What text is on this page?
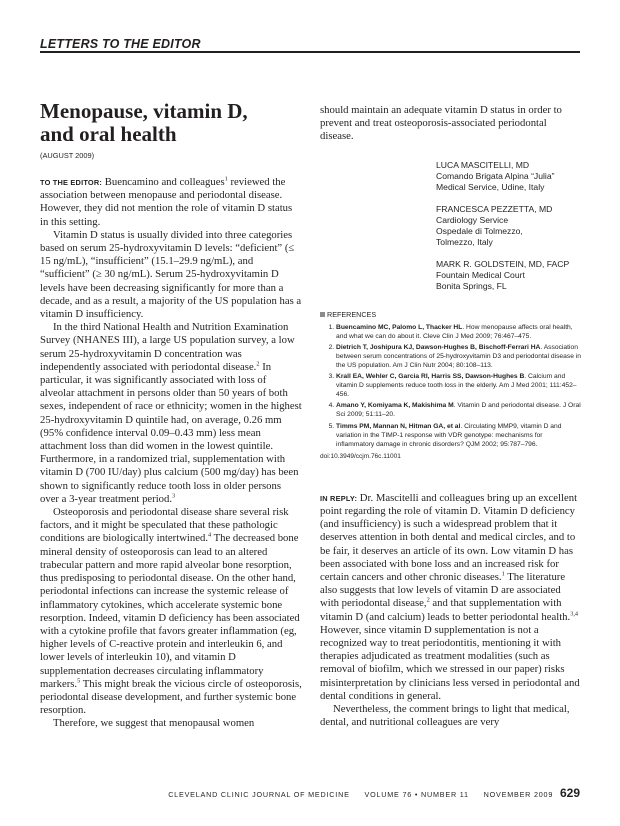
LETTERS TO THE EDITOR
Menopause, vitamin D,
and oral health
(AUGUST 2009)

TO THE EDITOR: Buencamino and colleagues$^1$ reviewed the association between menopause and periodontal disease. However, they did not mention the role of vitamin D status in this setting.

Vitamin D status is usually divided into three categories based on serum 25-hydroxyvitamin D levels: “deficient” (≤ 15 ng/mL), “insufficient” (15.1–29.9 ng/mL), and “sufficient” (≥ 30 ng/mL). Serum 25-hydroxyvitamin D levels have been decreasing significantly for more than a decade, and as a result, a majority of the US population has a vitamin D insufficiency.

In the third National Health and Nutrition Examination Survey (NHANES III), a large US population survey, a low serum 25-hydroxyvitamin D concentration was independently associated with periodontal disease.$^2$ In particular, it was significantly associated with loss of alveolar attachment in persons older than 50 years of both sexes, independent of race or ethnicity; women in the highest 25-hydroxyvitamin D quintile had, on average, 0.26 mm (95% confidence interval 0.09–0.43 mm) less mean attachment loss than did women in the lowest quintile. Furthermore, in a randomized trial, supplementation with vitamin D (700 IU/day) plus calcium (500 mg/day) has been shown to significantly reduce tooth loss in older persons over a 3-year treatment period.$^3$

Osteoporosis and periodontal disease share several risk factors, and it might be speculated that these pathologic conditions are biologically intertwined.$^4$ The decreased bone mineral density of osteoporosis can lead to an altered trabecular pattern and more rapid alveolar bone resorption, thus predisposing to periodontal disease. On the other hand, periodontal infections can increase the systemic release of inflammatory cytokines, which accelerate systemic bone resorption. Indeed, vitamin D deficiency has been associated with a cytokine profile that favors greater inflammation (eg, higher levels of C-reactive protein and interleukin 6, and lower levels of interleukin 10), and vitamin D supplementation decreases circulating inflammatory markers.$^5$ This might break the vicious circle of osteoporosis, periodontal disease development, and further systemic bone resorption.

Therefore, we suggest that menopausal women

should maintain an adequate vitamin D status in order to prevent and treat osteoporosis-associated periodontal disease.

LUCA MASCITELLI, MD

Comando Brigata Alpina “Julia”

Medical Service, Udine, Italy

FRANCESCA PEZZETTA, MD

Cardiology Service

Ospedale di Tolmezzo,

Tolmezzo, Italy

MARK R. GOLDSTEIN, MD, FACP

Fountain Medical Court

Bonita Springs, FL

REFERENCES
1. Buencamino MC, Palomo L, Thacker HL. How menopause affects oral health, and what we can do about it. Cleve Clin J Med 2009; 76:467–475.
2. Dietrich T, Joshipura KJ, Dawson-Hughes B, Bischoff-Ferrari HA. Association between serum concentrations of 25-hydroxyvitamin D3 and periodontal disease in the US population. Am J Clin Nutr 2004; 80:108–113.
3. Krall EA, Wehler C, Garcia RI, Harris SS, Dawson-Hughes B. Calcium and vitamin D supplements reduce tooth loss in the elderly. Am J Med 2001; 111:452–456.
4. Amano Y, Komiyama K, Makishima M. Vitamin D and periodontal disease. J Oral Sci 2009; 51:11–20.
5. Timms PM, Mannan N, Hitman GA, et al. Circulating MMP9, vitamin D and variation in the TIMP-1 response with VDR genotype: mechanisms for inflammatory damage in chronic disorders? QJM 2002; 95:787–796.
doi:10.3949/ccjm.76c.11001

IN REPLY: Dr. Mascitelli and colleagues bring up an excellent point regarding the role of vitamin D. Vitamin D deficiency (and insufficiency) is such a widespread problem that it deserves attention in both dental and medical circles, and to be fair, it deserves an article of its own. Low vitamin D has been associated with bone loss and an increased risk for certain cancers and other chronic diseases.$^1$ The literature also suggests that low levels of vitamin D are associated with periodontal disease,$^2$ and that supplementation with vitamin D (and calcium) leads to better periodontal health.$^{3,4}$ However, since vitamin D supplementation is not a recognized way to treat periodontitis, mentioning it with therapies adjudicated as treatment modalities (such as removal of biofilm, which we stressed in our paper) risks misinterpretation by clinicians less versed in periodontal and dental conditions in general.

Nevertheless, the comment brings to light that medical, dental, and nutritional colleagues are very

CLEVELAND CLINIC JOURNAL OF MEDICINE VOLUME 76 • NUMBER 11 NOVEMBER 2009 629
